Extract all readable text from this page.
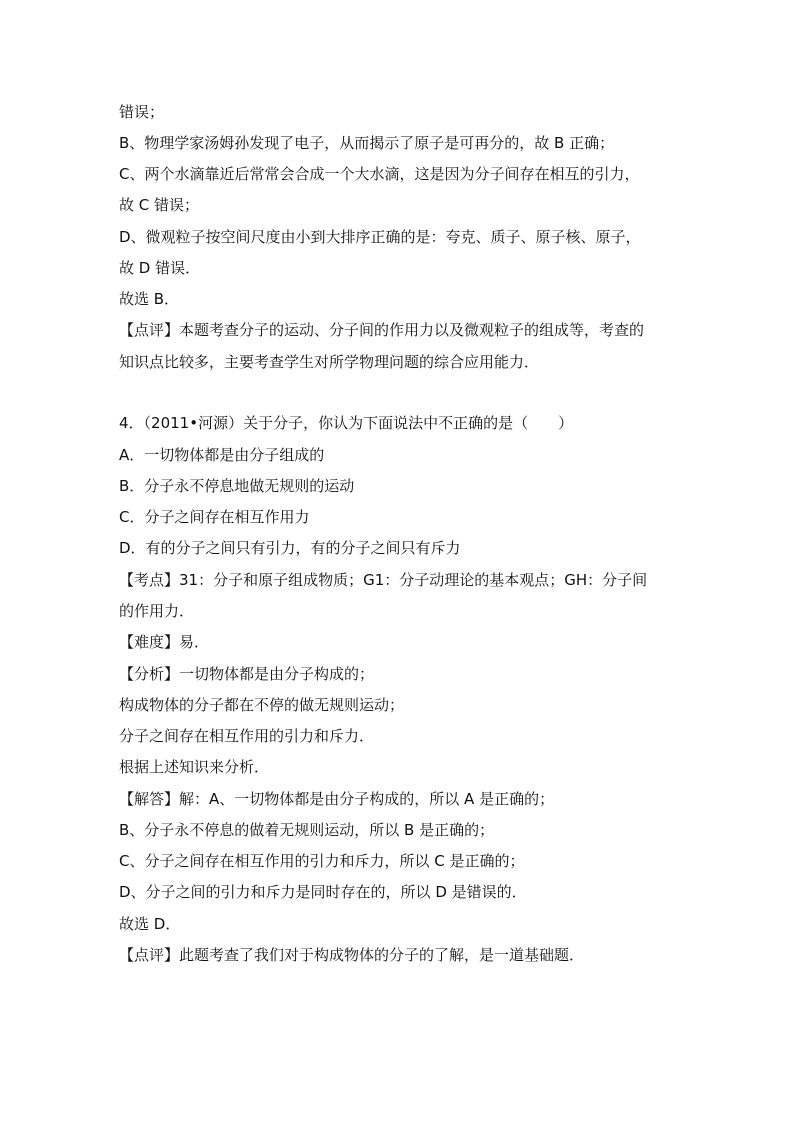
错误；
B、物理学家汤姆孙发现了电子，从而揭示了原子是可再分的，故 B 正确；
C、两个水滴靠近后常常会合成一个大水滴，这是因为分子间存在相互的引力，
故 C 错误；
D、微观粒子按空间尺度由小到大排序正确的是：夸克、质子、原子核、原子，
故 D 错误．
故选 B．
【点评】本题考查分子的运动、分子间的作用力以及微观粒子的组成等，考查的
知识点比较多，主要考查学生对所学物理问题的综合应用能力．
4．（2011•河源）关于分子，你认为下面说法中不正确的是（　　）
A．一切物体都是由分子组成的
B．分子永不停息地做无规则的运动
C．分子之间存在相互作用力
D．有的分子之间只有引力，有的分子之间只有斥力
【考点】31：分子和原子组成物质；G1：分子动理论的基本观点；GH：分子间
的作用力．
【难度】易．
【分析】一切物体都是由分子构成的；
构成物体的分子都在不停的做无规则运动；
分子之间存在相互作用的引力和斥力．
根据上述知识来分析．
【解答】解：A、一切物体都是由分子构成的，所以 A 是正确的；
B、分子永不停息的做着无规则运动，所以 B 是正确的；
C、分子之间存在相互作用的引力和斥力，所以 C 是正确的；
D、分子之间的引力和斥力是同时存在的，所以 D 是错误的．
故选 D．
【点评】此题考查了我们对于构成物体的分子的了解，是一道基础题．
